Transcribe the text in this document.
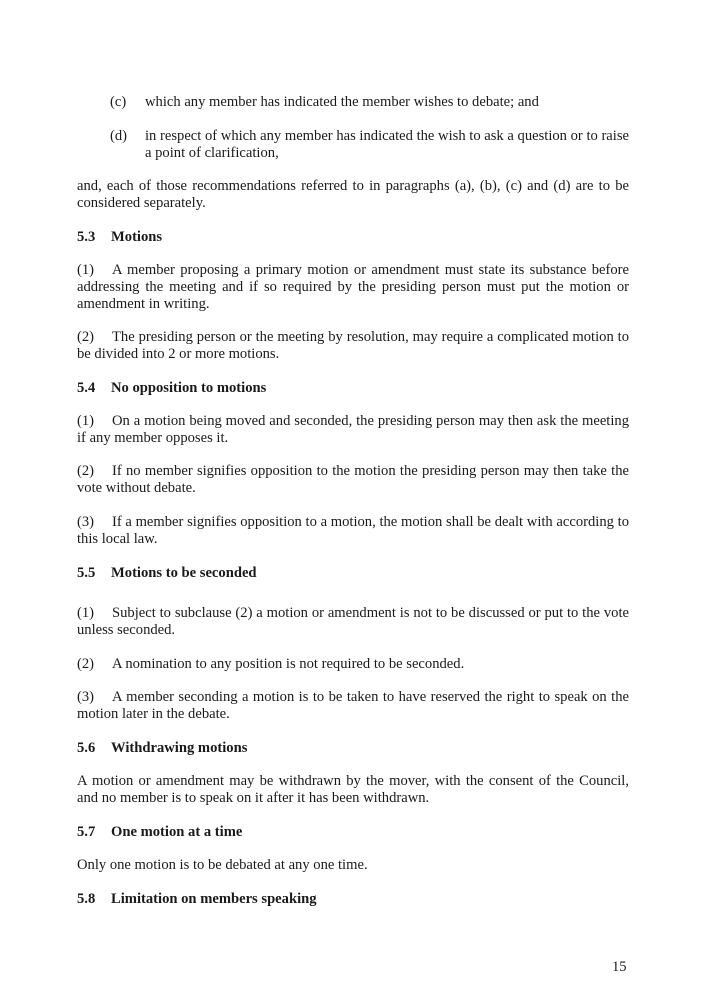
(c) which any member has indicated the member wishes to debate; and
(d) in respect of which any member has indicated the wish to ask a question or to raise a point of clarification,

and, each of those recommendations referred to in paragraphs (a), (b), (c) and (d) are to be considered separately.

5.3 Motions

(1) A member proposing a primary motion or amendment must state its substance before addressing the meeting and if so required by the presiding person must put the motion or amendment in writing.

(2) The presiding person or the meeting by resolution, may require a complicated motion to be divided into 2 or more motions.

5.4 No opposition to motions

(1) On a motion being moved and seconded, the presiding person may then ask the meeting if any member opposes it.

(2) If no member signifies opposition to the motion the presiding person may then take the vote without debate.

(3) If a member signifies opposition to a motion, the motion shall be dealt with according to this local law.

5.5 Motions to be seconded

(1) Subject to subclause (2) a motion or amendment is not to be discussed or put to the vote unless seconded.

(2) A nomination to any position is not required to be seconded.

(3) A member seconding a motion is to be taken to have reserved the right to speak on the motion later in the debate.

5.6 Withdrawing motions

A motion or amendment may be withdrawn by the mover, with the consent of the Council, and no member is to speak on it after it has been withdrawn.

5.7 One motion at a time

Only one motion is to be debated at any one time.

5.8 Limitation on members speaking

15
